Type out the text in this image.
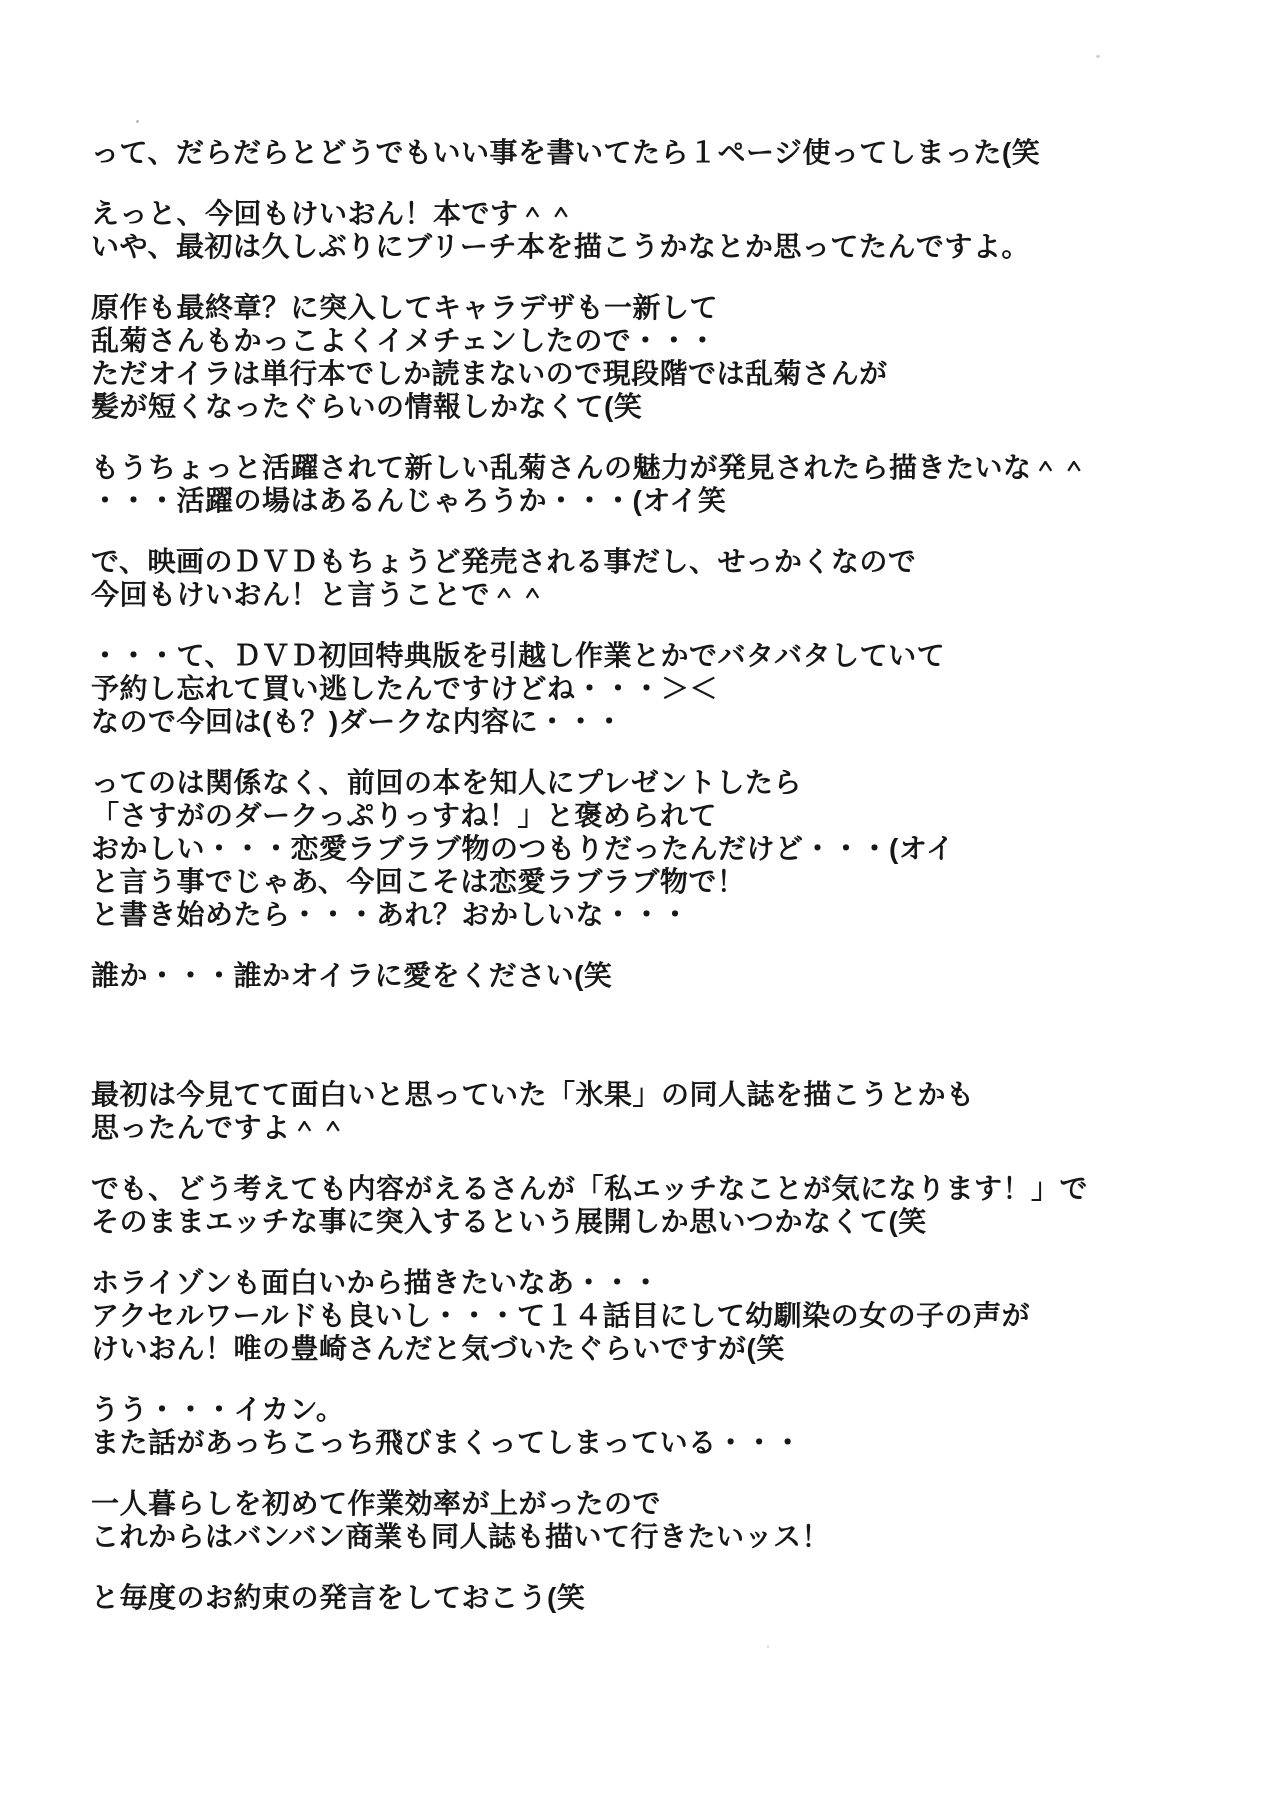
って、だらだらとどうでもいい事を書いてたら１ページ使ってしまった(笑
えっと、今回もけいおん！本です＾＾
いや、最初は久しぶりにブリーチ本を描こうかなとか思ってたんですよ。
原作も最終章？に突入してキャラデザも一新して
乱菊さんもかっこよくイメチェンしたので・・・
ただオイラは単行本でしか読まないので現段階では乱菊さんが
髪が短くなったぐらいの情報しかなくて(笑
もうちょっと活躍されて新しい乱菊さんの魅力が発見されたら描きたいな＾＾
・・・活躍の場はあるんじゃろうか・・・(オイ笑
で、映画のＤＶＤもちょうど発売される事だし、せっかくなので
今回もけいおん！と言うことで＾＾
・・・て、ＤＶＤ初回特典版を引越し作業とかでバタバタしていて
予約し忘れて買い逃したんですけどね・・・＞＜
なので今回は(も？)ダークな内容に・・・
ってのは関係なく、前回の本を知人にプレゼントしたら
「さすがのダークっぷりっすね！」と褒められて
おかしい・・・恋愛ラブラブ物のつもりだったんだけど・・・(オイ
と言う事でじゃあ、今回こそは恋愛ラブラブ物で！
と書き始めたら・・・あれ？おかしいな・・・
誰か・・・誰かオイラに愛をください(笑
最初は今見てて面白いと思っていた「氷果」の同人誌を描こうとかも
思ったんですよ＾＾
でも、どう考えても内容がえるさんが「私エッチなことが気になります！」で
そのままエッチな事に突入するという展開しか思いつかなくて(笑
ホライゾンも面白いから描きたいなあ・・・
アクセルワールドも良いし・・・て１４話目にして幼馴染の女の子の声が
けいおん！唯の豊崎さんだと気づいたぐらいですが(笑
うう・・・イカン。
また話があっちこっち飛びまくってしまっている・・・
一人暮らしを初めて作業効率が上がったので
これからはバンバン商業も同人誌も描いて行きたいッス！
と毎度のお約束の発言をしておこう(笑
